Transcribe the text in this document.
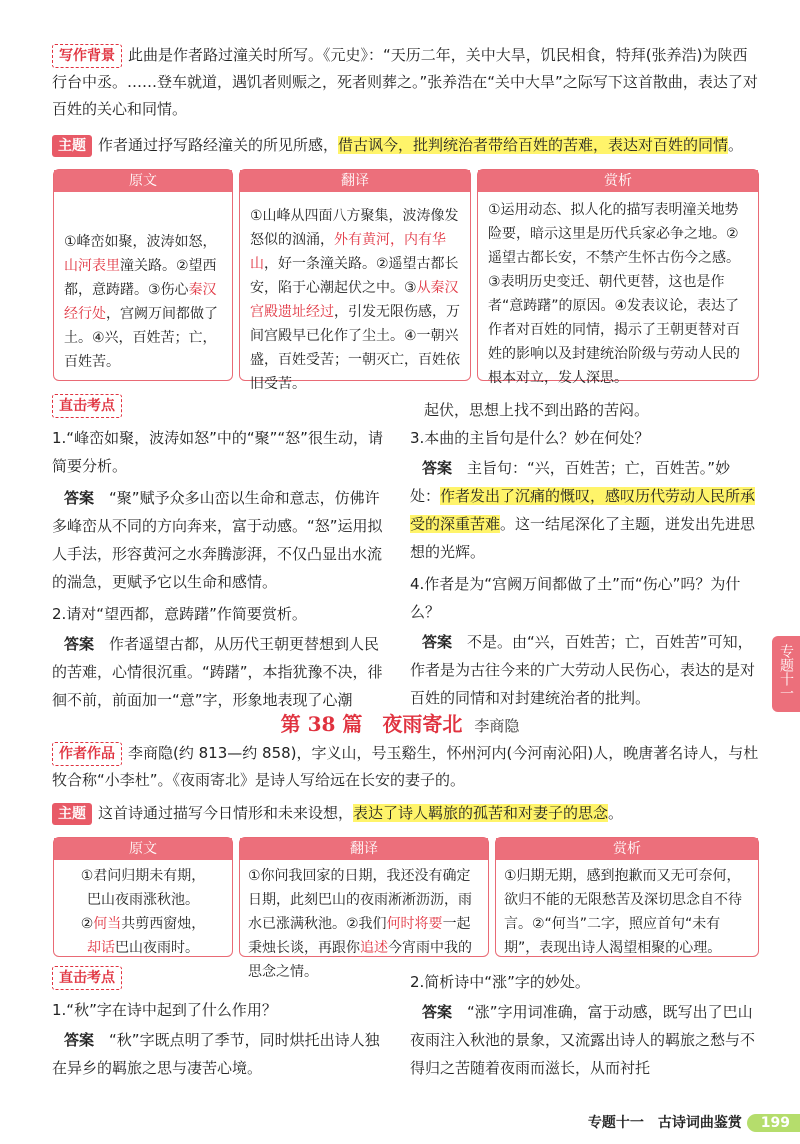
写作背景 此曲是作者路过潼关时所写。《元史》：“天历二年，关中大旱，饥民相食，特拜(张养浩)为陕西行台中丞。……登车就道，遇饥者则赈之，死者则葬之。”张养浩在“关中大旱”之际写下这首散曲，表达了对百姓的关心和同情。
主题 作者通过抒写路经潼关的所见所感，借古讽今，批判统治者带给百姓的苦难，表达对百姓的同情。
原文
①峰峦如聚，波涛如怒，山河表里潼关路。②望西都，意踌躇。③伤心秦汉经行处，宫阙万间都做了土。④兴，百姓苦；亡，百姓苦。

翻译
①山峰从四面八方聚集，波涛像发怒似的汹涌，外有黄河，内有华山，好一条潼关路。②遥望古都长安，陷于心潮起伏之中。③从秦汉宫殿遗址经过，引发无限伤感，万间宫殿早已化作了尘土。④一朝兴盛，百姓受苦；一朝灭亡，百姓依旧受苦。

赏析
①运用动态、拟人化的描写表明潼关地势险要，暗示这里是历代兵家必争之地。②遥望古都长安，不禁产生怀古伤今之感。③表明历史变迁、朝代更替，这也是作者“意踌躇”的原因。④发表议论，表达了作者对百姓的同情，揭示了王朝更替对百姓的影响以及封建统治阶级与劳动人民的根本对立，发人深思。
直击考点
1.“峰峦如聚，波涛如怒”中的“聚”“怒”很生动，请简要分析。
答案　 “聚”赋予众多山峦以生命和意志，仿佛许多峰峦从不同的方向奔来，富于动感。“怒”运用拟人手法，形容黄河之水奔腾澎湃，不仅凸显出水流的湍急，更赋予它以生命和感情。
2.请对“望西都，意踌躇”作简要赏析。
答案　 作者遥望古都，从历代王朝更替想到人民的苦难，心情很沉重。“踌躇”，本指犹豫不决，徘徊不前，前面加一“意”字，形象地表现了心潮
起伏，思想上找不到出路的苦闷。
3.本曲的主旨句是什么？妙在何处？
答案　 主旨句：“兴，百姓苦；亡，百姓苦。”妙处：作者发出了沉痛的慨叹，感叹历代劳动人民所承受的深重苦难。这一结尾深化了主题，迸发出先进思想的光辉。
4.作者是为“宫阙万间都做了土”而“伤心”吗？为什么？
答案　 不是。由“兴，百姓苦；亡，百姓苦”可知，作者是为古往今来的广大劳动人民伤心，表达的是对百姓的同情和对封建统治者的批判。
第 38 篇　夜雨寄北 李商隐
作者作品 李商隐(约 813—约 858)，字义山，号玉谿生，怀州河内(今河南沁阳)人，晚唐著名诗人，与杜牧合称“小李杜”。《夜雨寄北》是诗人写给远在长安的妻子的。
主题 这首诗通过描写今日情形和未来设想，表达了诗人羁旅的孤苦和对妻子的思念。
原文
①君问归期未有期，
巴山夜雨涨秋池。
②何当共剪西窗烛，
却话巴山夜雨时。

翻译
①你问我回家的日期，我还没有确定日期，此刻巴山的夜雨淅淅沥沥，雨水已涨满秋池。②我们何时将要一起秉烛长谈，再跟你追述今宵雨中我的思念之情。

赏析
①归期无期，感到抱歉而又无可奈何，欲归不能的无限愁苦及深切思念自不待言。②“何当”二字，照应首句“未有期”，表现出诗人渴望相聚的心理。
直击考点
1.“秋”字在诗中起到了什么作用？
答案　 “秋”字既点明了季节，同时烘托出诗人独在异乡的羁旅之思与凄苦心境。
2.简析诗中“涨”字的妙处。
答案　 “涨”字用词准确，富于动感，既写出了巴山夜雨注入秋池的景象，又流露出诗人的羁旅之愁与不得归之苦随着夜雨而滋长，从而衬托
专题十一
专题十一　古诗词曲鉴赏 199
